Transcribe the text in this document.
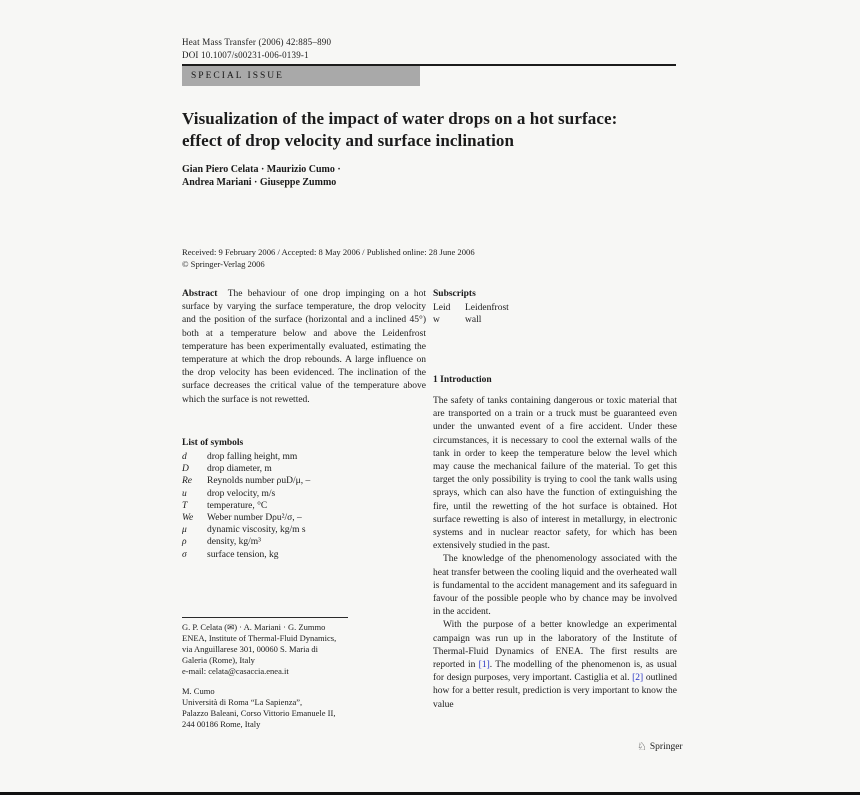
Heat Mass Transfer (2006) 42:885–890
DOI 10.1007/s00231-006-0139-1
SPECIAL ISSUE
Visualization of the impact of water drops on a hot surface:
effect of drop velocity and surface inclination
Gian Piero Celata · Maurizio Cumo ·
Andrea Mariani · Giuseppe Zummo
Received: 9 February 2006 / Accepted: 8 May 2006 / Published online: 28 June 2006
© Springer-Verlag 2006
Abstract The behaviour of one drop impinging on a hot surface by varying the surface temperature, the drop velocity and the position of the surface (horizontal and a inclined 45°) both at a temperature below and above the Leidenfrost temperature has been experimentally evaluated, estimating the temperature at which the drop rebounds. A large influence on the drop velocity has been evidenced. The inclination of the surface decreases the critical value of the temperature above which the surface is not rewetted.
List of symbols
d	drop falling height, mm
D	drop diameter, m
Re	Reynolds number ρuD/μ, –
u	drop velocity, m/s
T	temperature, °C
We	Weber number Dρu²/σ, –
μ	dynamic viscosity, kg/m s
ρ	density, kg/m³
σ	surface tension, kg
G. P. Celata (✉) · A. Mariani · G. Zummo
ENEA, Institute of Thermal-Fluid Dynamics,
via Anguillarese 301, 00060 S. Maria di
Galeria (Rome), Italy
e-mail: celata@casaccia.enea.it
M. Cumo
Università di Roma “La Sapienza”,
Palazzo Baleani, Corso Vittorio Emanuele II,
244 00186 Rome, Italy
Subscripts
Leid	Leidenfrost
w	wall
1 Introduction

The safety of tanks containing dangerous or toxic material that are transported on a train or a truck must be guaranteed even under the unwanted event of a fire accident. Under these circumstances, it is necessary to cool the external walls of the tank in order to keep the temperature below the level which may cause the mechanical failure of the material. To get this target the only possibility is trying to cool the tank walls using sprays, which can also have the function of extinguishing the fire, until the rewetting of the hot surface is obtained. Hot surface rewetting is also of interest in metallurgy, in electronic systems and in nuclear reactor safety, for which has been extensively studied in the past.

The knowledge of the phenomenology associated with the heat transfer between the cooling liquid and the overheated wall is fundamental to the accident management and its safeguard in favour of the possible people who by chance may be involved in the accident.

With the purpose of a better knowledge an experimental campaign was run up in the laboratory of the Institute of Thermal-Fluid Dynamics of ENEA. The first results are reported in [1]. The modelling of the phenomenon is, as usual for design purposes, very important. Castiglia et al. [2] outlined how for a better result, prediction is very important to know the value

♘ Springer
